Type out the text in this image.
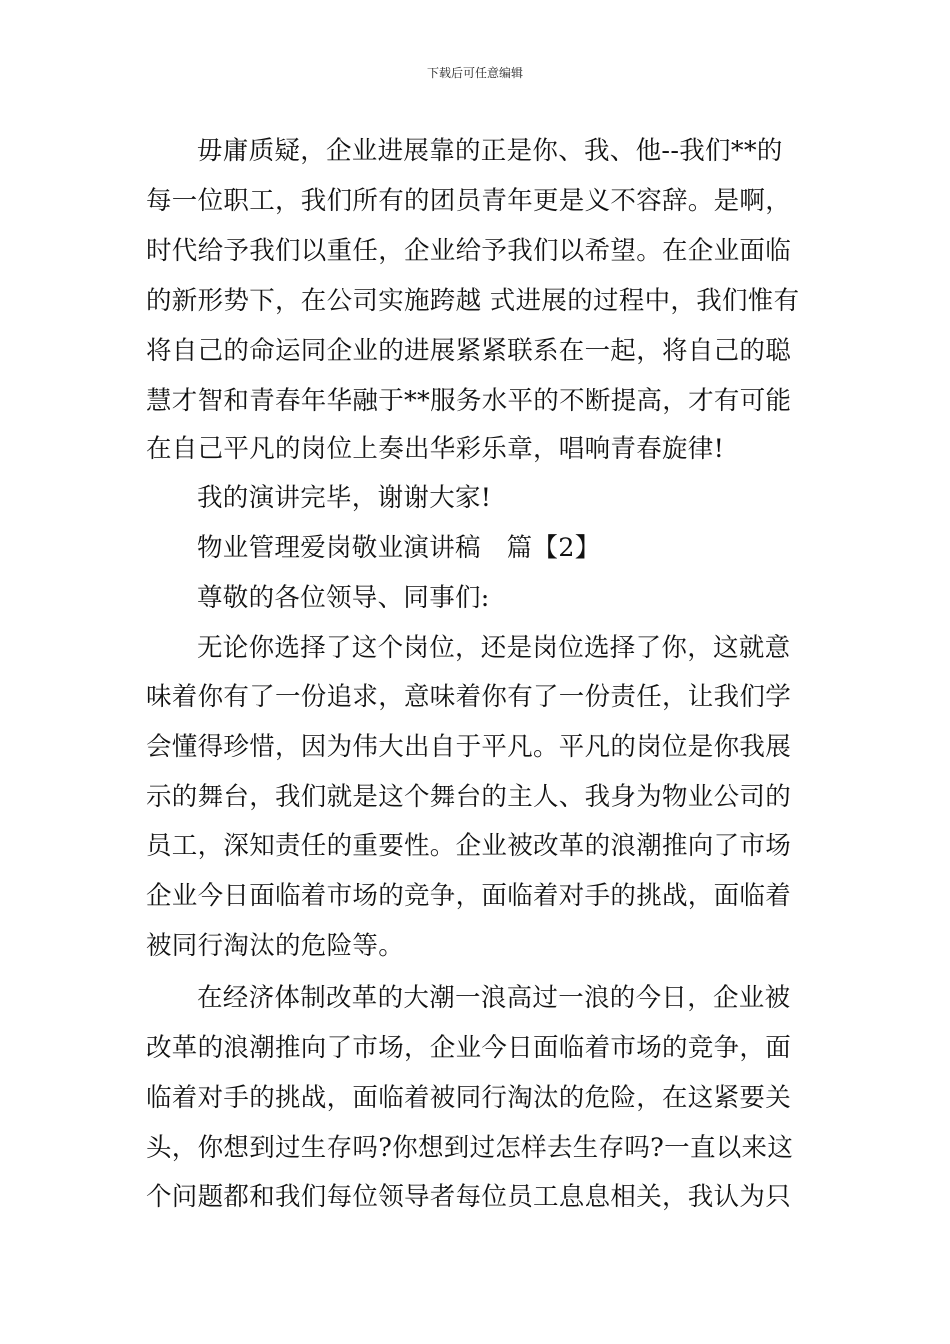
下载后可任意编辑
毋庸质疑，企业进展靠的正是你、我、他--我们**的
每一位职工，我们所有的团员青年更是义不容辞。是啊，
时代给予我们以重任，企业给予我们以希望。在企业面临
的新形势下，在公司实施跨越 式进展的过程中，我们惟有
将自己的命运同企业的进展紧紧联系在一起，将自己的聪
慧才智和青春年华融于**服务水平的不断提高，才有可能
在自己平凡的岗位上奏出华彩乐章，唱响青春旋律!
我的演讲完毕，谢谢大家!
物业管理爱岗敬业演讲稿　篇【2】
尊敬的各位领导、同事们:
无论你选择了这个岗位，还是岗位选择了你，这就意
味着你有了一份追求，意味着你有了一份责任，让我们学
会懂得珍惜，因为伟大出自于平凡。平凡的岗位是你我展
示的舞台，我们就是这个舞台的主人、我身为物业公司的
员工，深知责任的重要性。企业被改革的浪潮推向了市场
企业今日面临着市场的竞争，面临着对手的挑战，面临着
被同行淘汰的危险等。
在经济体制改革的大潮一浪高过一浪的今日，企业被
改革的浪潮推向了市场，企业今日面临着市场的竞争，面
临着对手的挑战，面临着被同行淘汰的危险，在这紧要关
头，你想到过生存吗?你想到过怎样去生存吗?一直以来这
个问题都和我们每位领导者每位员工息息相关，我认为只
